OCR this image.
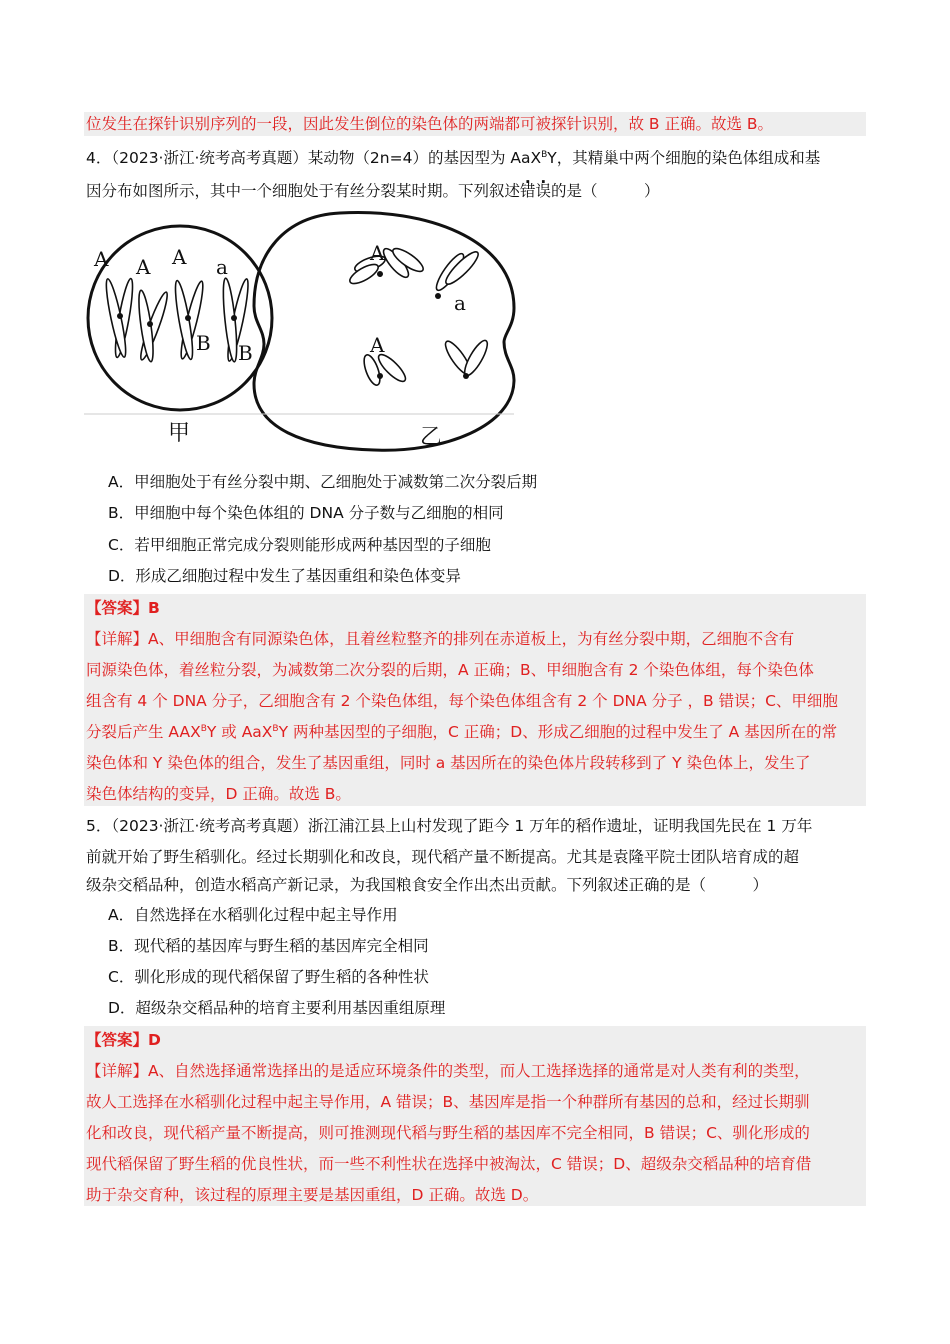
位发生在探针识别序列的一段，因此发生倒位的染色体的两端都可被探针识别，故 B 正确。故选 B。
4．（2023·浙江·统考高考真题）某动物（2n=4）的基因型为 AaX$^B$Y，其精巢中两个细胞的染色体组成和基
因分布如图所示，其中一个细胞处于有丝分裂某时期。下列叙述错误的是（　　　）
A A A a
B B
A
a
A
甲	乙
A．甲细胞处于有丝分裂中期、乙细胞处于减数第二次分裂后期
B．甲细胞中每个染色体组的 DNA 分子数与乙细胞的相同
C．若甲细胞正常完成分裂则能形成两种基因型的子细胞
D．形成乙细胞过程中发生了基因重组和染色体变异
【答案】B
【详解】A、甲细胞含有同源染色体，且着丝粒整齐的排列在赤道板上，为有丝分裂中期，乙细胞不含有
同源染色体，着丝粒分裂，为减数第二次分裂的后期，A 正确；B、甲细胞含有 2 个染色体组，每个染色体
组含有 4 个 DNA 分子，乙细胞含有 2 个染色体组，每个染色体组含有 2 个 DNA 分子 ，B 错误；C、甲细胞
分裂后产生 $AAX^BY$ 或 AaX$^B$Y 两种基因型的子细胞，C 正确；D、形成乙细胞的过程中发生了 A 基因所在的常
染色体和 Y 染色体的组合，发生了基因重组，同时 a 基因所在的染色体片段转移到了 Y 染色体上，发生了
染色体结构的变异，D 正确。故选 B。
5．（2023·浙江·统考高考真题）浙江浦江县上山村发现了距今 1 万年的稻作遗址，证明我国先民在 1 万年
前就开始了野生稻驯化。经过长期驯化和改良，现代稻产量不断提高。尤其是袁隆平院士团队培育成的超
级杂交稻品种，创造水稻高产新记录，为我国粮食安全作出杰出贡献。下列叙述正确的是（　　　）
A．自然选择在水稻驯化过程中起主导作用
B．现代稻的基因库与野生稻的基因库完全相同
C．驯化形成的现代稻保留了野生稻的各种性状
D．超级杂交稻品种的培育主要利用基因重组原理
【答案】D
【详解】A、自然选择通常选择出的是适应环境条件的类型，而人工选择选择的通常是对人类有利的类型，
故人工选择在水稻驯化过程中起主导作用，A 错误；B、基因库是指一个种群所有基因的总和，经过长期驯
化和改良，现代稻产量不断提高，则可推测现代稻与野生稻的基因库不完全相同，B 错误；C、驯化形成的
现代稻保留了野生稻的优良性状，而一些不利性状在选择中被淘汰，C 错误；D、超级杂交稻品种的培育借
助于杂交育种，该过程的原理主要是基因重组，D 正确。故选 D。
